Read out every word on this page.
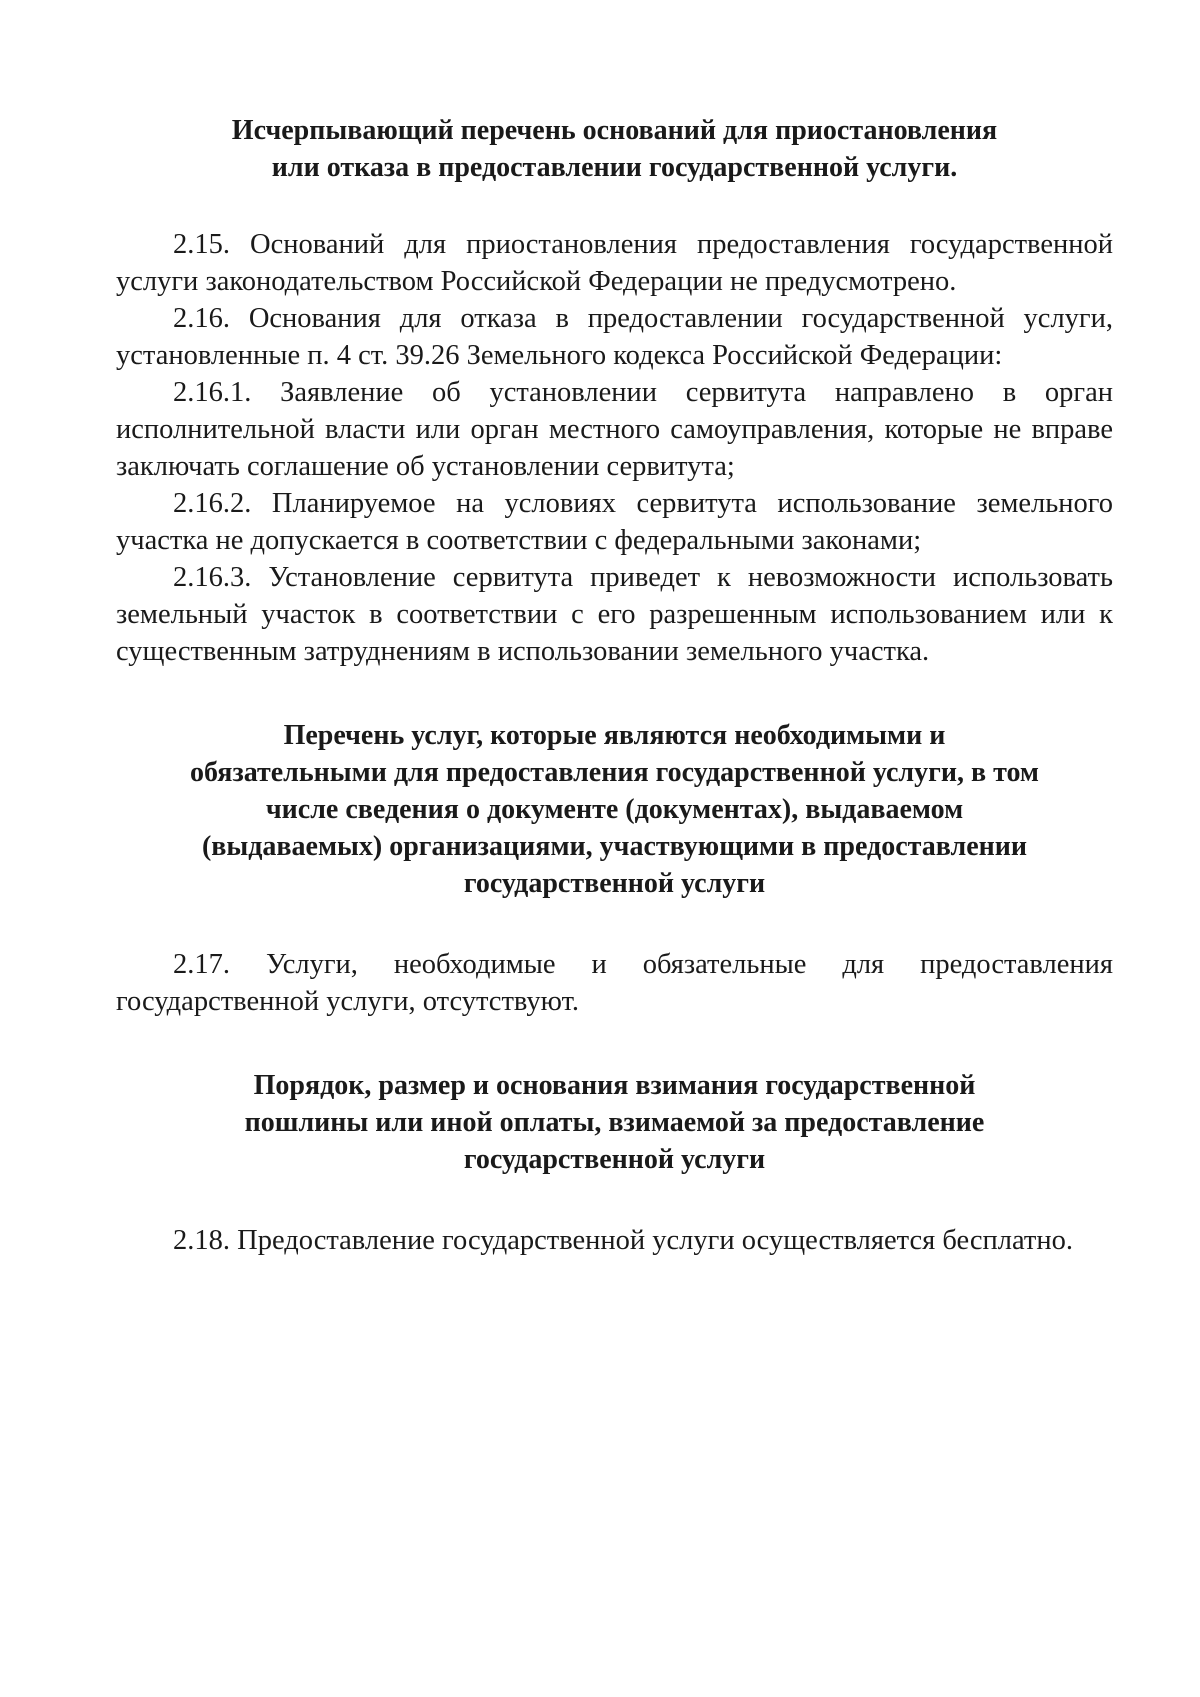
Исчерпывающий перечень оснований для приостановления
или отказа в предоставлении государственной услуги.

2.15. Оснований для приостановления предоставления государственной услуги законодательством Российской Федерации не предусмотрено.

2.16. Основания для отказа в предоставлении государственной услуги, установленные п. 4 ст. 39.26 Земельного кодекса Российской Федерации:

2.16.1. Заявление об установлении сервитута направлено в орган исполнительной власти или орган местного самоуправления, которые не вправе заключать соглашение об установлении сервитута;

2.16.2. Планируемое на условиях сервитута использование земельного участка не допускается в соответствии с федеральными законами;

2.16.3. Установление сервитута приведет к невозможности использовать земельный участок в соответствии с его разрешенным использованием или к существенным затруднениям в использовании земельного участка.

Перечень услуг, которые являются необходимыми и
обязательными для предоставления государственной услуги, в том
числе сведения о документе (документах), выдаваемом
(выдаваемых) организациями, участвующими в предоставлении
государственной услуги

2.17. Услуги, необходимые и обязательные для предоставления государственной услуги, отсутствуют.

Порядок, размер и основания взимания государственной
пошлины или иной оплаты, взимаемой за предоставление
государственной услуги

2.18. Предоставление государственной услуги осуществляется бесплатно.
